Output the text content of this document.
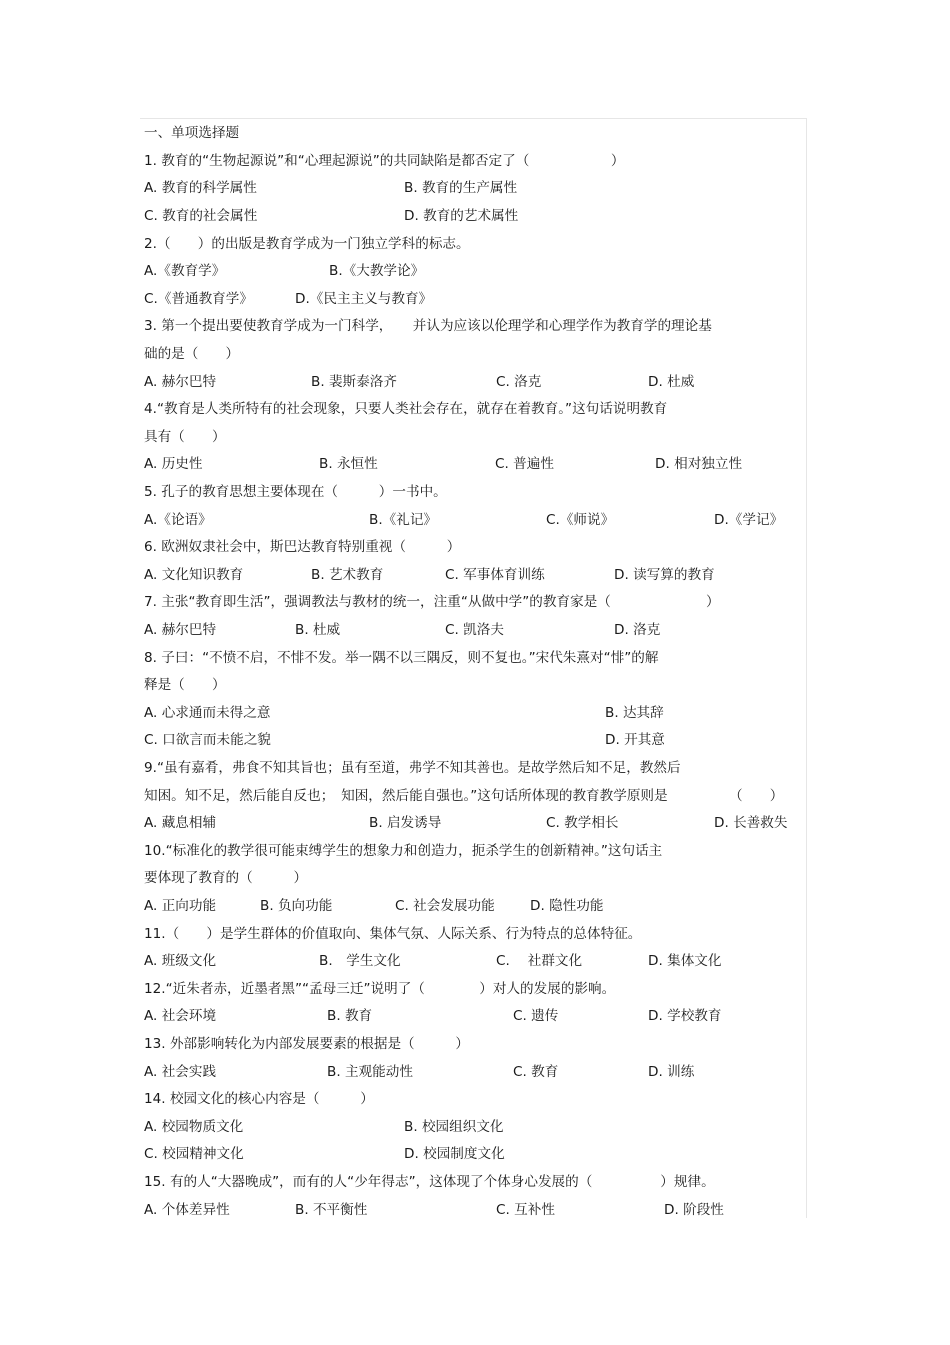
一、单项选择题
1. 教育的“生物起源说”和“心理起源说”的共同缺陷是都否定了（　　　　　　）
A. 教育的科学属性	B. 教育的生产属性
C. 教育的社会属性	D. 教育的艺术属性
2.（　　）的出版是教育学成为一门独立学科的标志。
A.《教育学》	B.《大教学论》
C.《普通教育学》	D.《民主主义与教育》
3. 第一个提出要使教育学成为一门科学，　　并认为应该以伦理学和心理学作为教育学的理论基
础的是（　　）
A. 赫尔巴特	B. 裴斯泰洛齐	C. 洛克	D. 杜威
4.“教育是人类所特有的社会现象，只要人类社会存在，就存在着教育。”这句话说明教育
具有（　　）
A. 历史性	B. 永恒性	C. 普遍性	D. 相对独立性
5. 孔子的教育思想主要体现在（　　　）一书中。
A.《论语》	B.《礼记》	C.《师说》	D.《学记》
6. 欧洲奴隶社会中，斯巴达教育特别重视（　　　）
A. 文化知识教育	B. 艺术教育	C. 军事体育训练	D. 读写算的教育
7. 主张“教育即生活”，强调教法与教材的统一，注重“从做中学”的教育家是（　　　　　　　）
A. 赫尔巴特	B. 杜威	C. 凯洛夫	D. 洛克
8. 子曰：“不愤不启，不悱不发。举一隅不以三隅反，则不复也。”宋代朱熹对“悱”的解
释是（　　）
A. 心求通而未得之意	B. 达其辞
C. 口欲言而未能之貌	D. 开其意
9.“虽有嘉肴，弗食不知其旨也；虽有至道，弗学不知其善也。是故学然后知不足，教然后
知困。知不足，然后能自反也；　知困，然后能自强也。”这句话所体现的教育教学原则是	（　　）
A. 藏息相辅	B. 启发诱导	C. 教学相长	D. 长善救失
10.“标准化的教学很可能束缚学生的想象力和创造力，扼杀学生的创新精神。”这句话主
要体现了教育的（　　　）
A. 正向功能	B. 负向功能	C. 社会发展功能	D. 隐性功能
11.（　　）是学生群体的价值取向、集体气氛、人际关系、行为特点的总体特征。
A. 班级文化	B.　学生文化	C.　 社群文化	D. 集体文化
12.“近朱者赤，近墨者黑”“孟母三迁”说明了（　　　　）对人的发展的影响。
A. 社会环境	B. 教育	C. 遗传	D. 学校教育
13. 外部影响转化为内部发展要素的根据是（　　　）
A. 社会实践	B. 主观能动性	C. 教育	D. 训练
14. 校园文化的核心内容是（　　　）
A. 校园物质文化	B. 校园组织文化
C. 校园精神文化	D. 校园制度文化
15. 有的人“大器晚成”，而有的人“少年得志”，这体现了个体身心发展的（　　　　　）规律。
A. 个体差异性	B. 不平衡性	C. 互补性	D. 阶段性
